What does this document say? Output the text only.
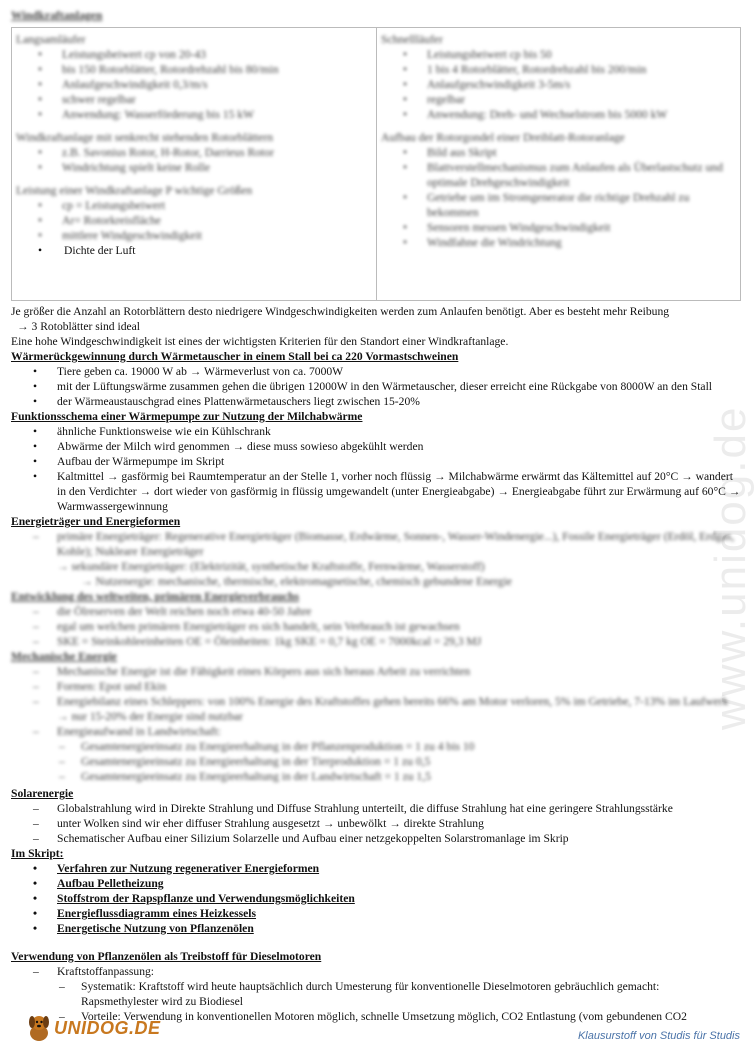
www.unidog.de
Windkraftanlagen
Langsamläufer
• Leistungsbeiwert cp von 20-43
• bis 150 Rotorblätter, Rotordrehzahl bis 80/min
• Anlaufgeschwindigkeit 0,3/m/s
• schwer regelbar
• Anwendung: Wasserförderung bis 15 kW
Windkraftanlage mit senkrecht stehenden Rotorblättern
• z.B. Savonius Rotor, H-Rotor, Darrieus Rotor
• Windrichtung spielt keine Rolle
Leistung einer Windkraftanlage P wichtige Größen
• cp = Leistungsbeiwert
• Ar= Rotorkreisfläche
• mittlere Windgeschwindigkeit
• Dichte der Luft
Schnellläufer
• Leistungsbeiwert cp bis 50
• 1 bis 4 Rotorblätter, Rotordrehzahl bis 200/min
• Anlaufgeschwindigkeit 3-5m/s
• regelbar
• Anwendung: Dreh- und Wechselstrom bis 5000 kW
Aufbau der Rotorgondel einer Dreiblatt-Rotoranlage
• Bild aus Skript
• Blattverstellmechanismus zum Anlaufen als Überlastschutz und optimale Drehgeschwindigkeit
• Getriebe um im Stromgenerator die richtige Drehzahl zu bekommen
• Sensoren messen Windgeschwindigkeit
• Windfahne die Windrichtung

Je größer die Anzahl an Rotorblättern desto niedrigere Windgeschwindigkeiten werden zum Anlaufen benötigt. Aber es besteht mehr Reibung

→ 3 Rotoblätter sind ideal

Eine hohe Windgeschwindigkeit ist eines der wichtigsten Kriterien für den Standort einer Windkraftanlage.

Wärmerückgewinnung durch Wärmetauscher in einem Stall bei ca 220 Vormastschweinen
• Tiere geben ca. 19000 W ab → Wärmeverlust von ca. 7000W
• mit der Lüftungswärme zusammen gehen die übrigen 12000W in den Wärmetauscher, dieser erreicht eine Rückgabe von 8000W an den Stall
• der Wärmeaustauschgrad eines Plattenwärmetauschers liegt zwischen 15-20%
Funktionsschema einer Wärmepumpe zur Nutzung der Milchabwärme
• ähnliche Funktionsweise wie ein Kühlschrank
• Abwärme der Milch wird genommen → diese muss sowieso abgekühlt werden
• Aufbau der Wärmepumpe im Skript
• Kaltmittel → gasförmig bei Raumtemperatur an der Stelle 1, vorher noch flüssig → Milchabwärme erwärmt das Kältemittel auf 20°C → wandert in den Verdichter → dort wieder von gasförmig in flüssig umgewandelt (unter Energieabgabe) → Energieabgabe führt zur Erwärmung auf 60°C → Warmwassergewinnung
Energieträger und Energieformen
– primäre Energieträger: Regenerative Energieträger (Biomasse, Erdwärme, Sonnen-, Wasser-Windenergie...), Fossile Energieträger (Erdöl, Erdgas, Kohle); Nukleare Energieträger
→ sekundäre Energieträger: (Elektrizität, synthetische Kraftstoffe, Fernwärme, Wasserstoff)
→ Nutzenergie: mechanische, thermische, elektromagnetische, chemisch gebundene Energie
Entwicklung des weltweiten, primären Energieverbrauchs
– die Ölreserven der Welt reichen noch etwa 40-50 Jahre
– egal um welchen primären Energieträger es sich handelt, sein Verbrauch ist gewachsen
– SKE = Steinkohleeinheiten OE = Öleinheiten: 1kg SKE = 0,7 kg OE = 7000kcal = 29,3 MJ
Mechanische Energie
– Mechanische Energie ist die Fähigkeit eines Körpers aus sich heraus Arbeit zu verrichten
– Formen: Epot und Ekin
– Energiebilanz eines Schleppers: von 100% Energie des Kraftstoffes gehen bereits 66% am Motor verloren, 5% im Getriebe, 7-13% im Laufwerk → nur 15-20% der Energie sind nutzbar
– Energieaufwand in Landwirtschaft:
– Gesamtenergieeinsatz zu Energieerhaltung in der Pflanzenproduktion = 1 zu 4 bis 10
– Gesamtenergieeinsatz zu Energieerhaltung in der Tierproduktion = 1 zu 0,5
– Gesamtenergieeinsatz zu Energieerhaltung in der Landwirtschaft = 1 zu 1,5
Solarenergie
– Globalstrahlung wird in Direkte Strahlung und Diffuse Strahlung unterteilt, die diffuse Strahlung hat eine geringere Strahlungsstärke
– unter Wolken sind wir eher diffuser Strahlung ausgesetzt → unbewölkt → direkte Strahlung
– Schematischer Aufbau einer Silizium Solarzelle und Aufbau einer netzgekoppelten Solarstromanlage im Skrip
Im Skript:
• Verfahren zur Nutzung regenerativer Energieformen
• Aufbau Pelletheizung
• Stoffstrom der Rapspflanze und Verwendungsmöglichkeiten
• Energieflussdiagramm eines Heizkessels
• Energetische Nutzung von Pflanzenölen
Verwendung von Pflanzenölen als Treibstoff für Dieselmotoren
– Kraftstoffanpassung:
– Systematik: Kraftstoff wird heute hauptsächlich durch Umesterung für konventionelle Dieselmotoren gebräuchlich gemacht:
Rapsmethylester wird zu Biodiesel
– Vorteile: Verwendung in konventionellen Motoren möglich, schnelle Umsetzung möglich, CO2 Entlastung (vom gebundenen CO2
UNIDOG.DE	Klausurstoff von Studis für Studis
